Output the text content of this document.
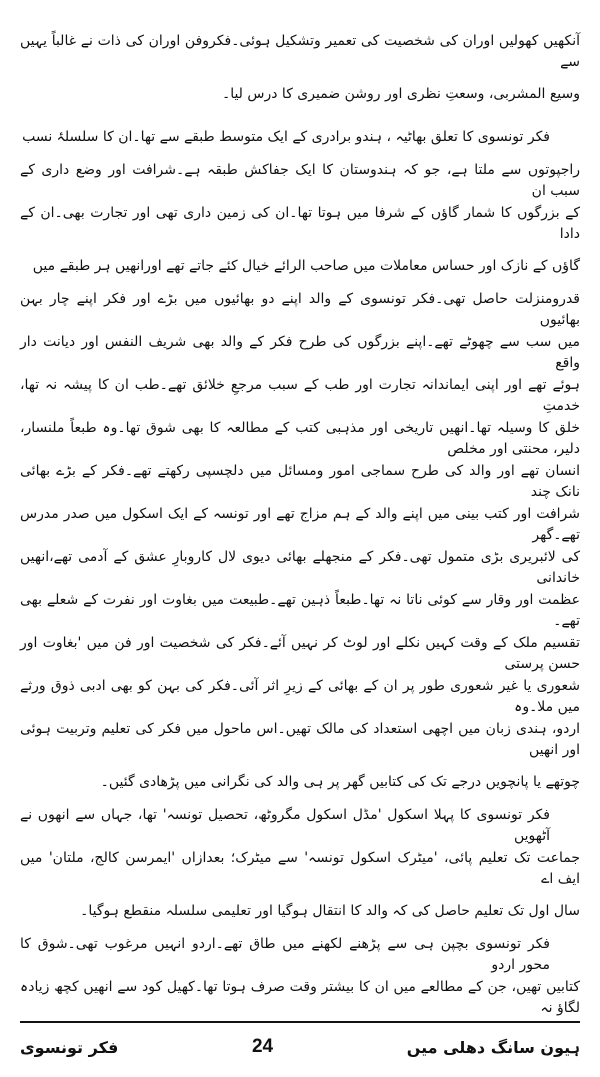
آنکھیں کھولیں اوران کی شخصیت کی تعمیر وتشکیل ہوئی۔فکروفن اوران کی ذات نے غالباً یہیں سے
وسیع المشربی، وسعتِ نظری اور روشن ضمیری کا درس لیا۔
فکر تونسوی کا تعلق بھاٹیہ ، ہندو برادری کے ایک متوسط طبقے سے تھا۔ان کا سلسلۂ نسب
راجپوتوں سے ملتا ہے، جو کہ ہندوستان کا ایک جفاکش طبقہ ہے۔شرافت اور وضع داری کے سبب ان
کے بزرگوں کا شمار گاؤں کے شرفا میں ہوتا تھا۔ان کی زمین داری تھی اور تجارت بھی۔ان کے دادا
گاؤں کے نازک اور حساس معاملات میں صاحب الرائے خیال کئے جاتے تھے اورانھیں ہر طبقے میں
قدرومنزلت حاصل تھی۔فکر تونسوی کے والد اپنے دو بھائیوں میں بڑے اور فکر اپنے چار بہن بھائیوں
میں سب سے چھوٹے تھے۔اپنے بزرگوں کی طرح فکر کے والد بھی شریف النفس اور دیانت دار واقع
ہوئے تھے اور اپنی ایماندانہ تجارت اور طب کے سبب مرجعِ خلائق تھے۔طب ان کا پیشہ نہ تھا، خدمتِ
خلق کا وسیلہ تھا۔انھیں تاریخی اور مذہبی کتب کے مطالعہ کا بھی شوق تھا۔وہ طبعاً ملنسار، دلیر، محنتی اور مخلص
انسان تھے اور والد کی طرح سماجی امور ومسائل میں دلچسپی رکھتے تھے۔فکر کے بڑے بھائی نانک چند
شرافت اور کتب بینی میں اپنے والد کے ہم مزاج تھے اور تونسہ کے ایک اسکول میں صدر مدرس تھے۔گھر
کی لائبریری بڑی متمول تھی۔فکر کے منجھلے بھائی دیوی لال کاروبارِ عشق کے آدمی تھے،انھیں خاندانی
عظمت اور وقار سے کوئی ناتا نہ تھا۔طبعاً ذہین تھے۔طبیعت میں بغاوت اور نفرت کے شعلے بھی تھے۔
تقسیم ملک کے وقت کہیں نکلے اور لوٹ کر نہیں آئے۔فکر کی شخصیت اور فن میں 'بغاوت اور حسن پرستی
شعوری یا غیر شعوری طور پر ان کے بھائی کے زیرِ اثر آئی۔فکر کی بہن کو بھی ادبی ذوق ورثے میں ملا۔وہ
اردو، ہندی زبان میں اچھی استعداد کی مالک تھیں۔اس ماحول میں فکر کی تعلیم وتربیت ہوئی اور انھیں
چوتھے یا پانچویں درجے تک کی کتابیں گھر پر ہی والد کی نگرانی میں پڑھادی گئیں۔
فکر تونسوی کا پہلا اسکول 'مڈل اسکول مگروٹھ، تحصیل تونسہ' تھا، جہاں سے انھوں نے آٹھویں
جماعت تک تعلیم پائی، 'میٹرک اسکول تونسہ' سے میٹرک؛ بعدازاں 'ایمرسن کالج، ملتان' میں ایف اے
سال اول تک تعلیم حاصل کی کہ والد کا انتقال ہوگیا اور تعلیمی سلسلہ منقطع ہوگیا۔
فکر تونسوی بچپن ہی سے پڑھنے لکھنے میں طاق تھے۔اردو انہیں مرغوب تھی۔شوق کا محور اردو
کتابیں تھیں، جن کے مطالعے میں ان کا بیشتر وقت صرف ہوتا تھا۔کھیل کود سے انھیں کچھ زیادہ لگاؤ نہ
ہیون سانگ دھلی میں
24
فکر تونسوی
